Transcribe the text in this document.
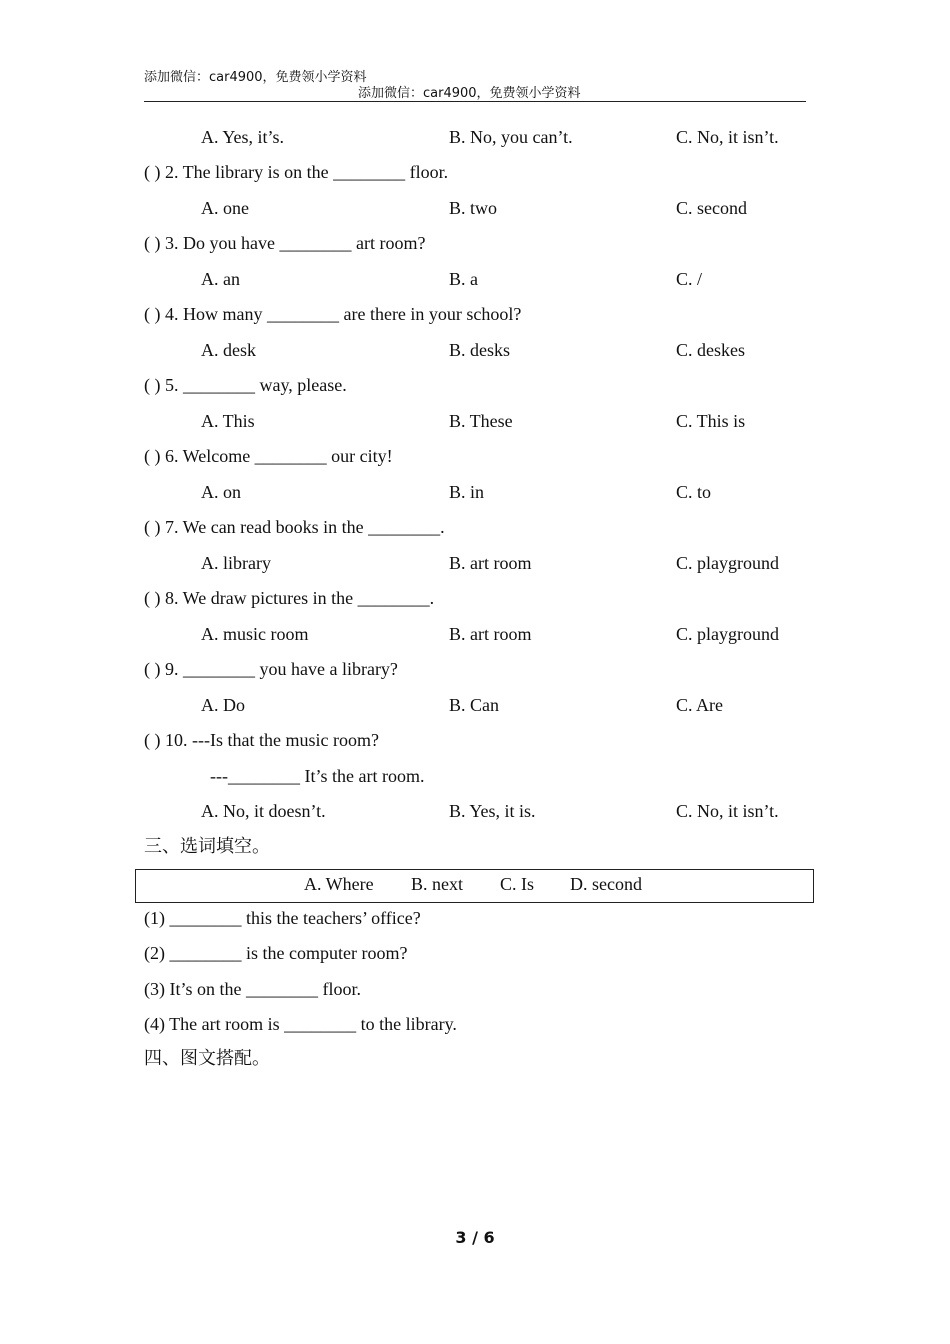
添加微信：car4900，免费领小学资料
添加微信：car4900，免费领小学资料
A. Yes, it’s.	B. No, you can’t.	C. No, it isn’t.
( ) 2. The library is on the ________ floor.
A. one	B. two	C. second
( ) 3. Do you have ________ art room?
A. an	B. a	C. /
( ) 4. How many ________ are there in your school?
A. desk	B. desks	C. deskes
( ) 5. ________ way, please.
A. This	B. These	C. This is
( ) 6. Welcome ________ our city!
A. on	B. in	C. to
( ) 7. We can read books in the ________.
A. library	B. art room	C. playground
( ) 8. We draw pictures in the ________.
A. music room	B. art room	C. playground
( ) 9. ________ you have a library?
A. Do	B. Can	C. Are
( ) 10. ---Is that the music room?
---________ It’s the art room.
A. No, it doesn’t.	B. Yes, it is.	C. No, it isn’t.
三、选词填空。
A. Where B. next C. Is D. second
(1) ________ this the teachers’ office?
(2) ________ is the computer room?
(3) It’s on the ________ floor.
(4) The art room is ________ to the library.
四、图文搭配。
3 / 6
